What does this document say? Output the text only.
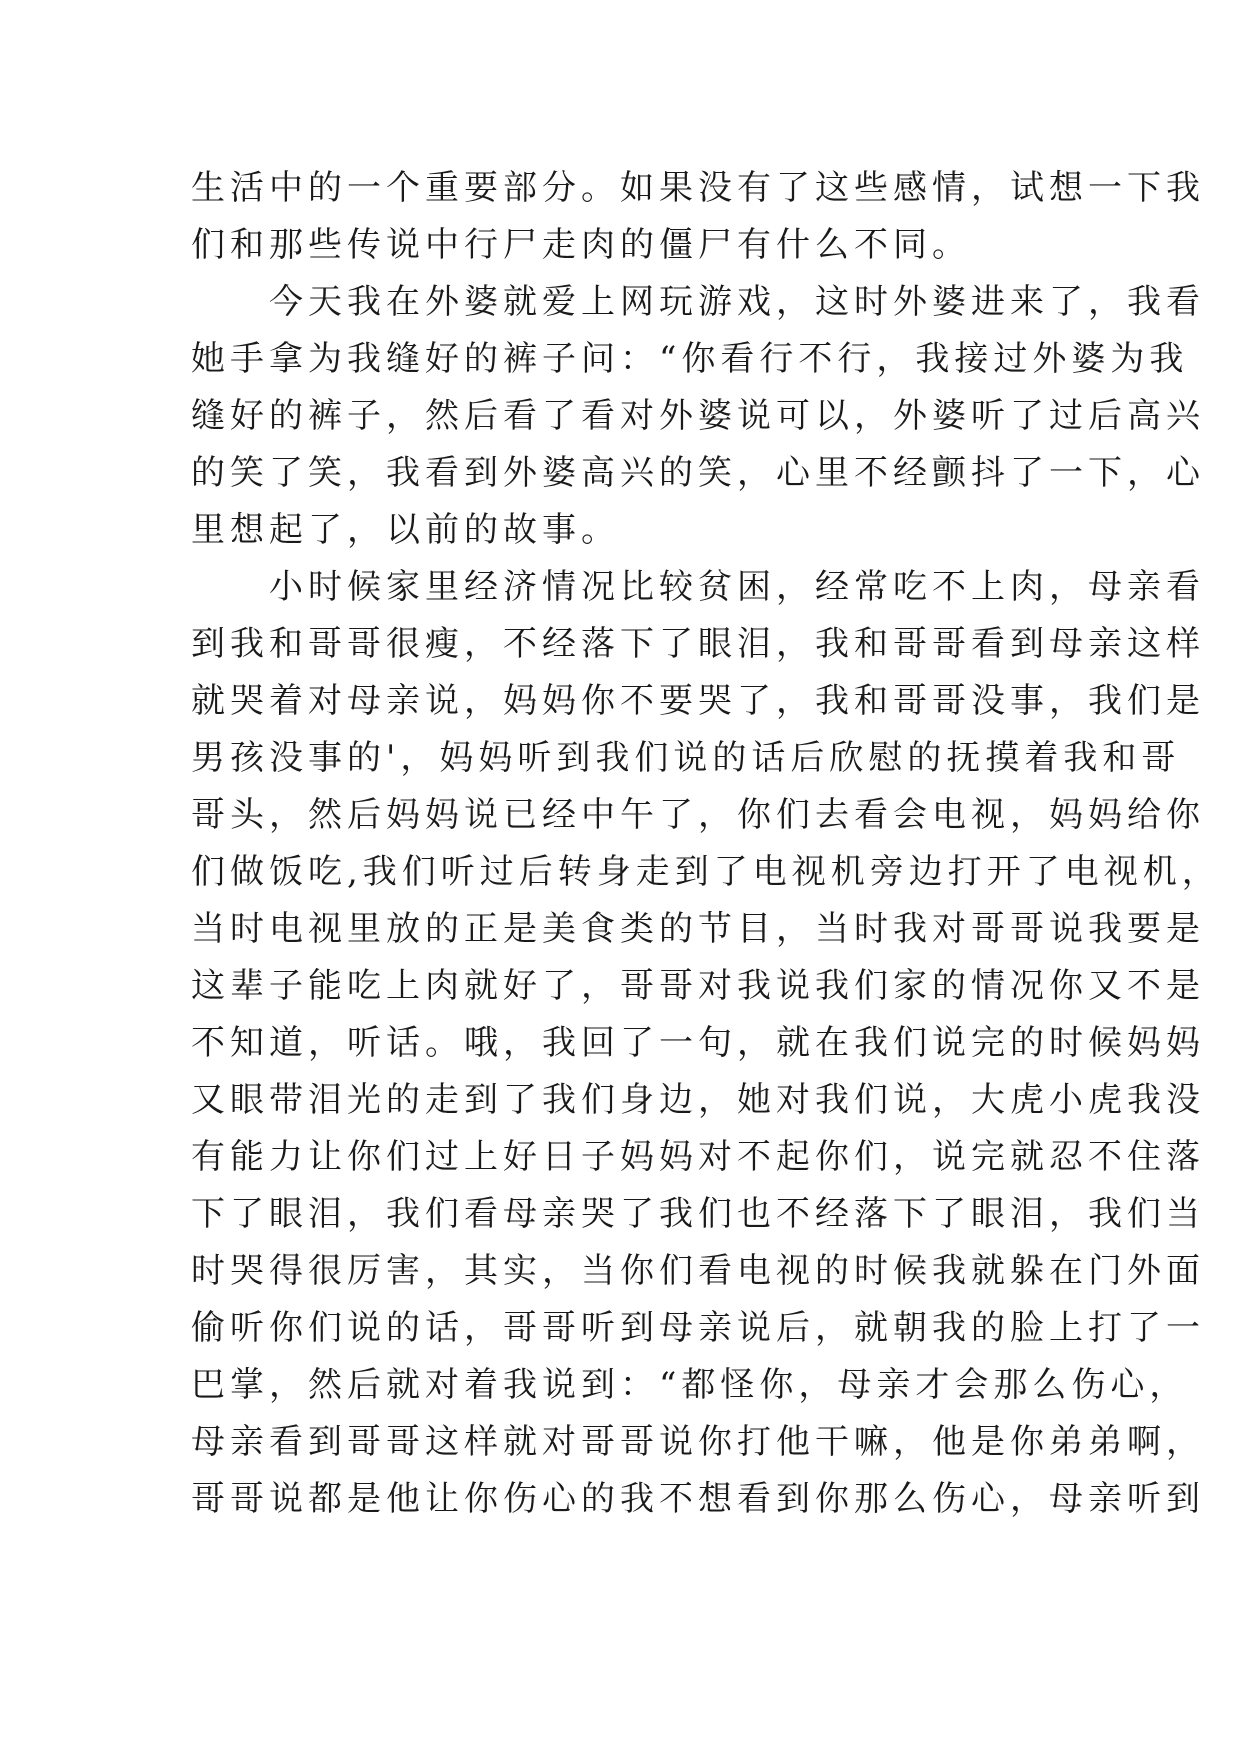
生活中的一个重要部分。如果没有了这些感情，试想一下我
们和那些传说中行尸走肉的僵尸有什么不同。
今天我在外婆就爱上网玩游戏，这时外婆进来了，我看
她手拿为我缝好的裤子问：“你看行不行，我接过外婆为我
缝好的裤子，然后看了看对外婆说可以，外婆听了过后高兴
的笑了笑，我看到外婆高兴的笑，心里不经颤抖了一下，心
里想起了，以前的故事。
小时候家里经济情况比较贫困，经常吃不上肉，母亲看
到我和哥哥很瘦，不经落下了眼泪，我和哥哥看到母亲这样
就哭着对母亲说，妈妈你不要哭了，我和哥哥没事，我们是
男孩没事的'，妈妈听到我们说的话后欣慰的抚摸着我和哥
哥头，然后妈妈说已经中午了，你们去看会电视，妈妈给你
们做饭吃,我们听过后转身走到了电视机旁边打开了电视机，
当时电视里放的正是美食类的节目，当时我对哥哥说我要是
这辈子能吃上肉就好了，哥哥对我说我们家的情况你又不是
不知道，听话。哦，我回了一句，就在我们说完的时候妈妈
又眼带泪光的走到了我们身边，她对我们说，大虎小虎我没
有能力让你们过上好日子妈妈对不起你们，说完就忍不住落
下了眼泪，我们看母亲哭了我们也不经落下了眼泪，我们当
时哭得很厉害，其实，当你们看电视的时候我就躲在门外面
偷听你们说的话，哥哥听到母亲说后，就朝我的脸上打了一
巴掌，然后就对着我说到：“都怪你，母亲才会那么伤心，
母亲看到哥哥这样就对哥哥说你打他干嘛，他是你弟弟啊，
哥哥说都是他让你伤心的我不想看到你那么伤心，母亲听到
